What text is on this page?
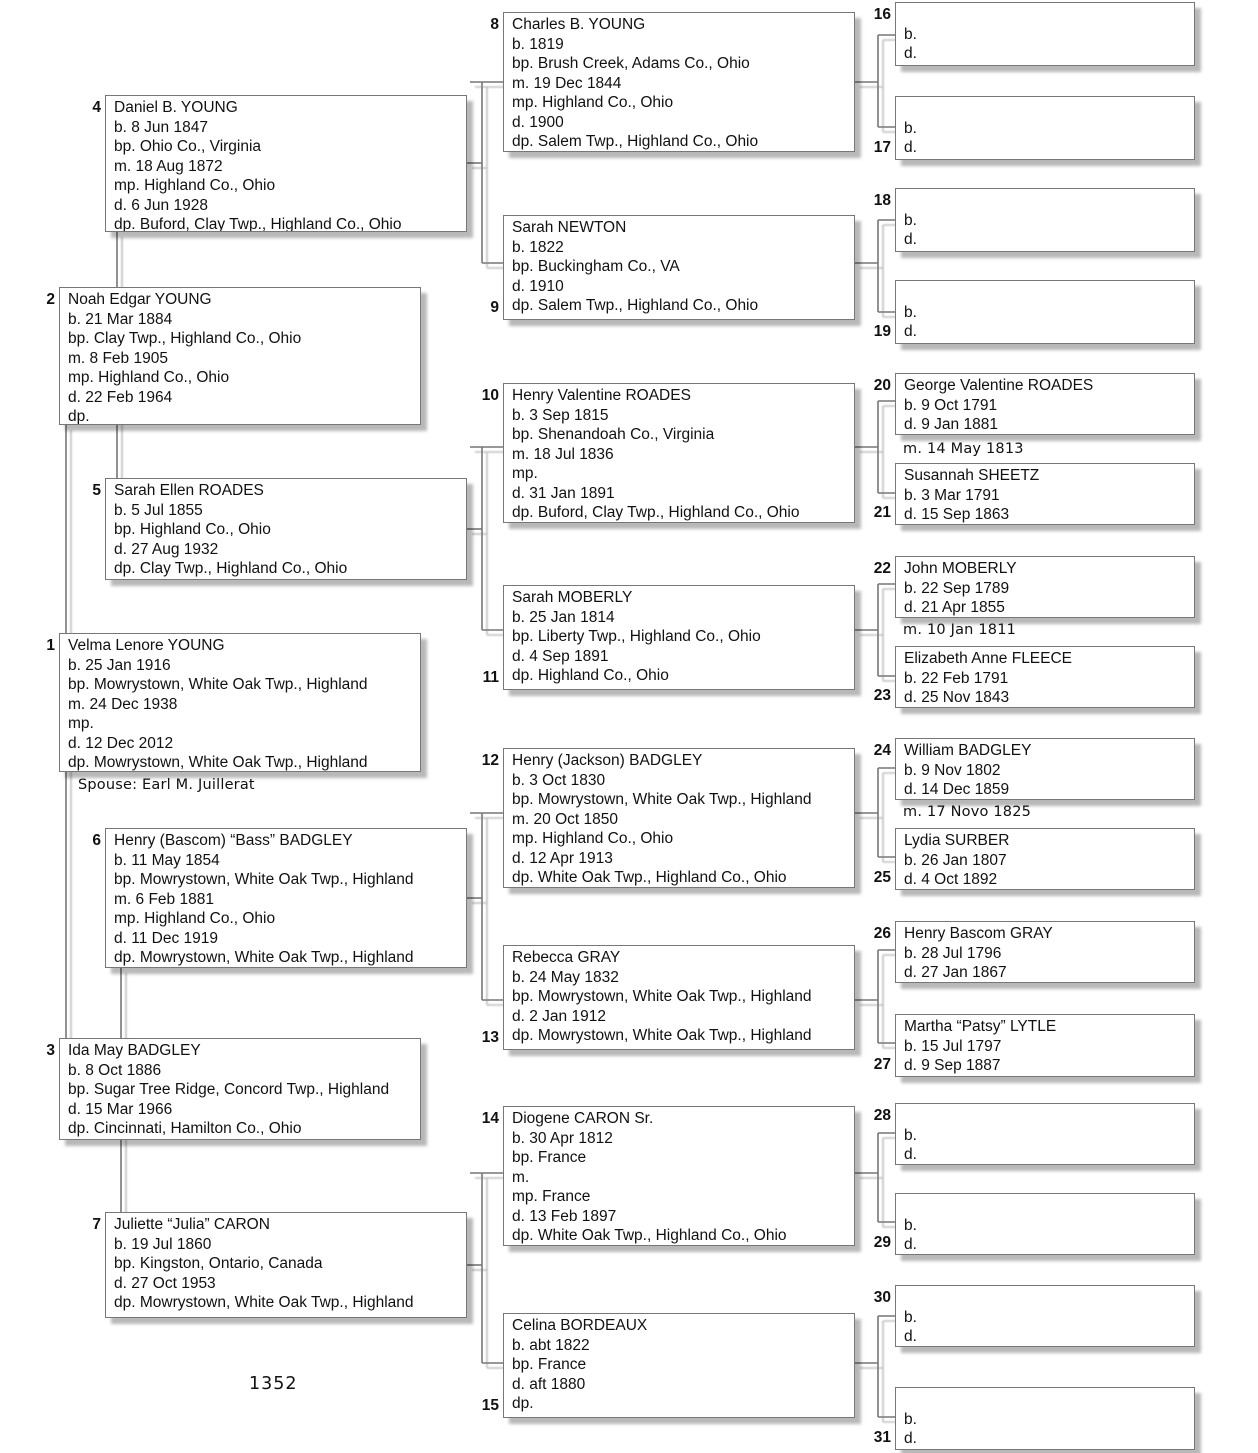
Spouse: Earl M. Juillerat
1352
Velma Lenore YOUNG
b. 25 Jan 1916
bp. Mowrystown, White Oak Twp., Highland
m. 24 Dec 1938
mp.
d. 12 Dec 2012
dp. Mowrystown, White Oak Twp., Highland
1
Noah Edgar YOUNG
b. 21 Mar 1884
bp. Clay Twp., Highland Co., Ohio
m. 8 Feb 1905
mp. Highland Co., Ohio
d. 22 Feb 1964
dp.
2
Ida May BADGLEY
b. 8 Oct 1886
bp. Sugar Tree Ridge, Concord Twp., Highland
d. 15 Mar 1966
dp. Cincinnati, Hamilton Co., Ohio
3
Daniel B. YOUNG
b. 8 Jun 1847
bp. Ohio Co., Virginia
m. 18 Aug 1872
mp. Highland Co., Ohio
d. 6 Jun 1928
dp. Buford, Clay Twp., Highland Co., Ohio
4
Sarah Ellen ROADES
b. 5 Jul 1855
bp. Highland Co., Ohio
d. 27 Aug 1932
dp. Clay Twp., Highland Co., Ohio
5
Henry (Bascom) “Bass” BADGLEY
b. 11 May 1854
bp. Mowrystown, White Oak Twp., Highland
m. 6 Feb 1881
mp. Highland Co., Ohio
d. 11 Dec 1919
dp. Mowrystown, White Oak Twp., Highland
6
Juliette “Julia” CARON
b. 19 Jul 1860
bp. Kingston, Ontario, Canada
d. 27 Oct 1953
dp. Mowrystown, White Oak Twp., Highland
7
Charles B. YOUNG
b. 1819
bp. Brush Creek, Adams Co., Ohio
m. 19 Dec 1844
mp. Highland Co., Ohio
d. 1900
dp. Salem Twp., Highland Co., Ohio
8
Sarah NEWTON
b. 1822
bp. Buckingham Co., VA
d. 1910
dp. Salem Twp., Highland Co., Ohio
9
Henry Valentine ROADES
b. 3 Sep 1815
bp. Shenandoah Co., Virginia
m. 18 Jul 1836
mp.
d. 31 Jan 1891
dp. Buford, Clay Twp., Highland Co., Ohio
10
Sarah MOBERLY
b. 25 Jan 1814
bp. Liberty Twp., Highland Co., Ohio
d. 4 Sep 1891
dp. Highland Co., Ohio
11
Henry (Jackson) BADGLEY
b. 3 Oct 1830
bp. Mowrystown, White Oak Twp., Highland
m. 20 Oct 1850
mp. Highland Co., Ohio
d. 12 Apr 1913
dp. White Oak Twp., Highland Co., Ohio
12
Rebecca GRAY
b. 24 May 1832
bp. Mowrystown, White Oak Twp., Highland
d. 2 Jan 1912
dp. Mowrystown, White Oak Twp., Highland
13
Diogene CARON Sr.
b. 30 Apr 1812
bp. France
m.
mp. France
d. 13 Feb 1897
dp. White Oak Twp., Highland Co., Ohio
14
Celina BORDEAUX
b. abt 1822
bp. France
d. aft 1880
dp.
15
b.
d.
16
b.
d.
17
b.
d.
18
b.
d.
19
George Valentine ROADES
b. 9 Oct 1791
d. 9 Jan 1881
20
Susannah SHEETZ
b. 3 Mar 1791
d. 15 Sep 1863
21
John MOBERLY
b. 22 Sep 1789
d. 21 Apr 1855
22
Elizabeth Anne FLEECE
b. 22 Feb 1791
d. 25 Nov 1843
23
William BADGLEY
b. 9 Nov 1802
d. 14 Dec 1859
24
Lydia SURBER
b. 26 Jan 1807
d. 4 Oct 1892
25
Henry Bascom GRAY
b. 28 Jul 1796
d. 27 Jan 1867
26
Martha “Patsy” LYTLE
b. 15 Jul 1797
d. 9 Sep 1887
27
b.
d.
28
b.
d.
29
b.
d.
30
b.
d.
31
m. 14 May 1813
m. 10 Jan 1811
m. 17 Novo 1825
